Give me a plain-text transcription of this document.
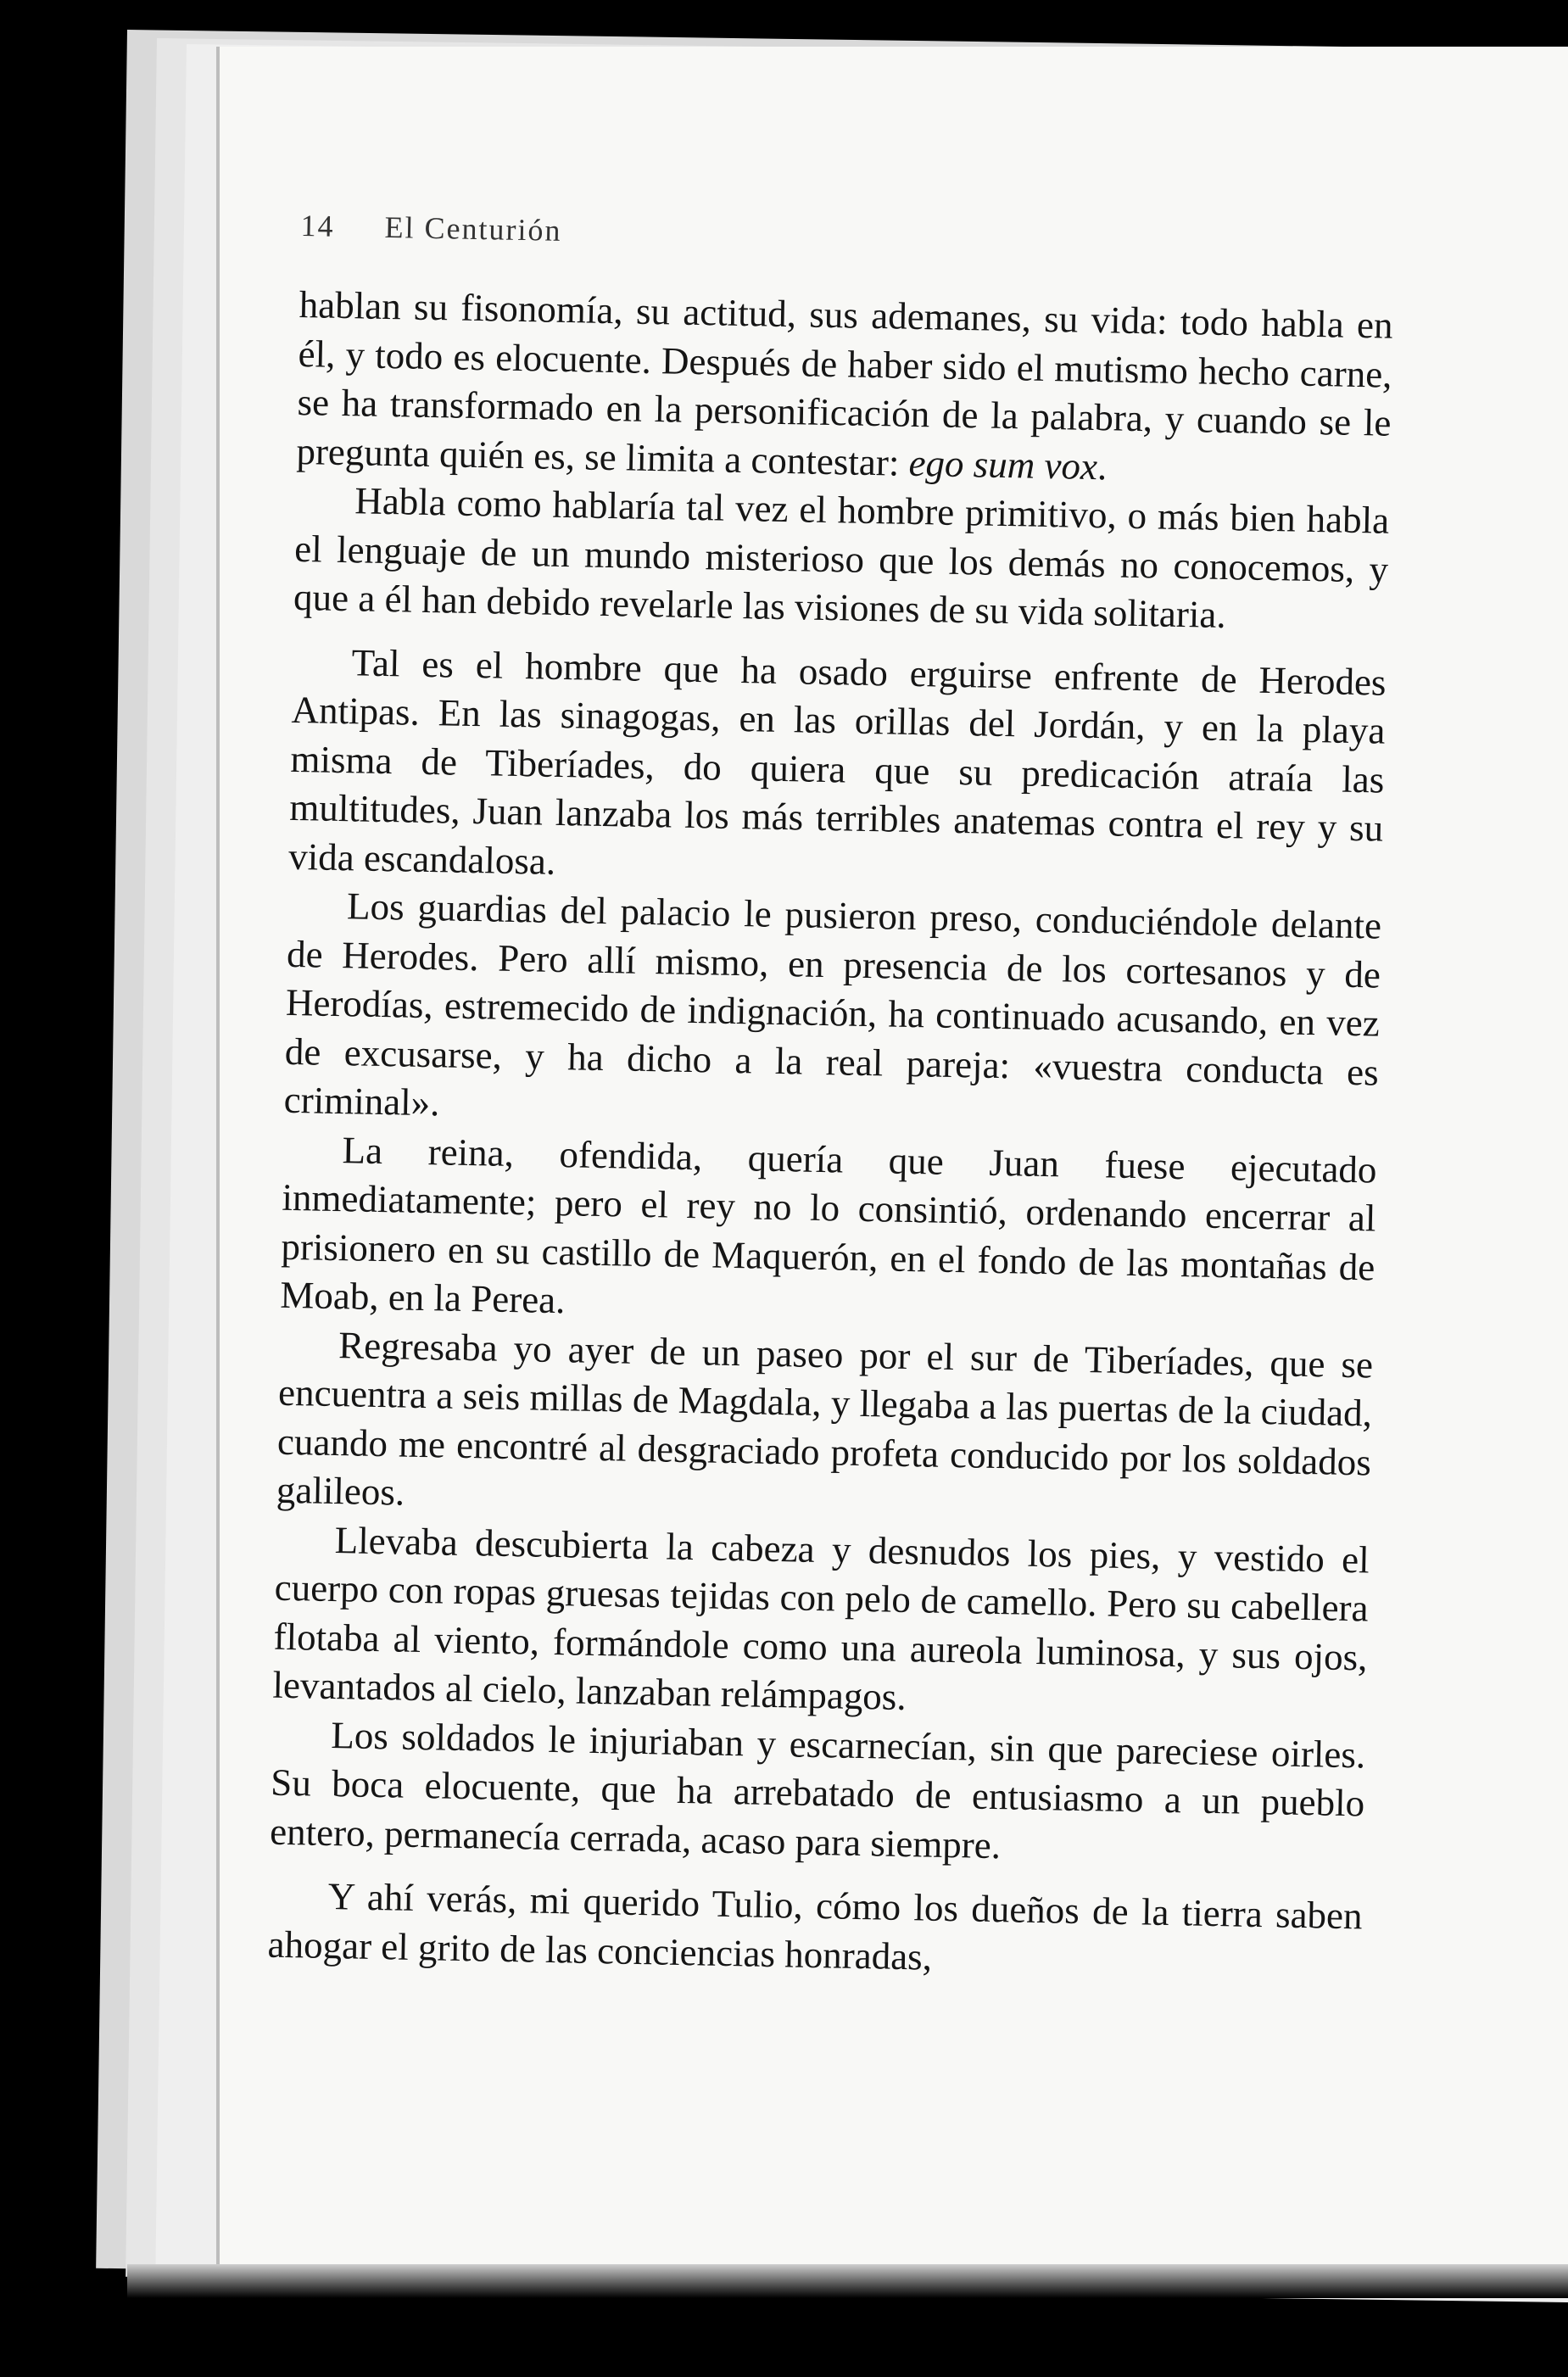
14 El Centurión

hablan su fisonomía, su actitud, sus ademanes, su vida: todo habla en él, y todo es elocuente. Después de haber sido el mutismo hecho carne, se ha transformado en la personificación de la palabra, y cuando se le pregunta quién es, se limita a contestar: ego sum vox.

Habla como hablaría tal vez el hombre primitivo, o más bien habla el lenguaje de un mundo misterioso que los demás no conocemos, y que a él han debido revelarle las visiones de su vida solitaria.

Tal es el hombre que ha osado erguirse enfrente de Herodes Antipas. En las sinagogas, en las orillas del Jordán, y en la playa misma de Tiberíades, do quiera que su predicación atraía las multitudes, Juan lanzaba los más terribles anatemas contra el rey y su vida escandalosa.

Los guardias del palacio le pusieron preso, conduciéndole delante de Herodes. Pero allí mismo, en presencia de los cortesanos y de Herodías, estremecido de indignación, ha continuado acusando, en vez de excusarse, y ha dicho a la real pareja: «vuestra conducta es criminal».

La reina, ofendida, quería que Juan fuese ejecutado inmediatamente; pero el rey no lo consintió, ordenando encerrar al prisionero en su castillo de Maquerón, en el fondo de las montañas de Moab, en la Perea.

Regresaba yo ayer de un paseo por el sur de Tiberíades, que se encuentra a seis millas de Magdala, y llegaba a las puertas de la ciudad, cuando me encontré al desgraciado profeta conducido por los soldados galileos.

Llevaba descubierta la cabeza y desnudos los pies, y vestido el cuerpo con ropas gruesas tejidas con pelo de camello. Pero su cabellera flotaba al viento, formándole como una aureola luminosa, y sus ojos, levantados al cielo, lanzaban relámpagos.

Los soldados le injuriaban y escarnecían, sin que pareciese oirles. Su boca elocuente, que ha arrebatado de entusiasmo a un pueblo entero, permanecía cerrada, acaso para siempre.

Y ahí verás, mi querido Tulio, cómo los dueños de la tierra saben ahogar el grito de las conciencias honradas,
